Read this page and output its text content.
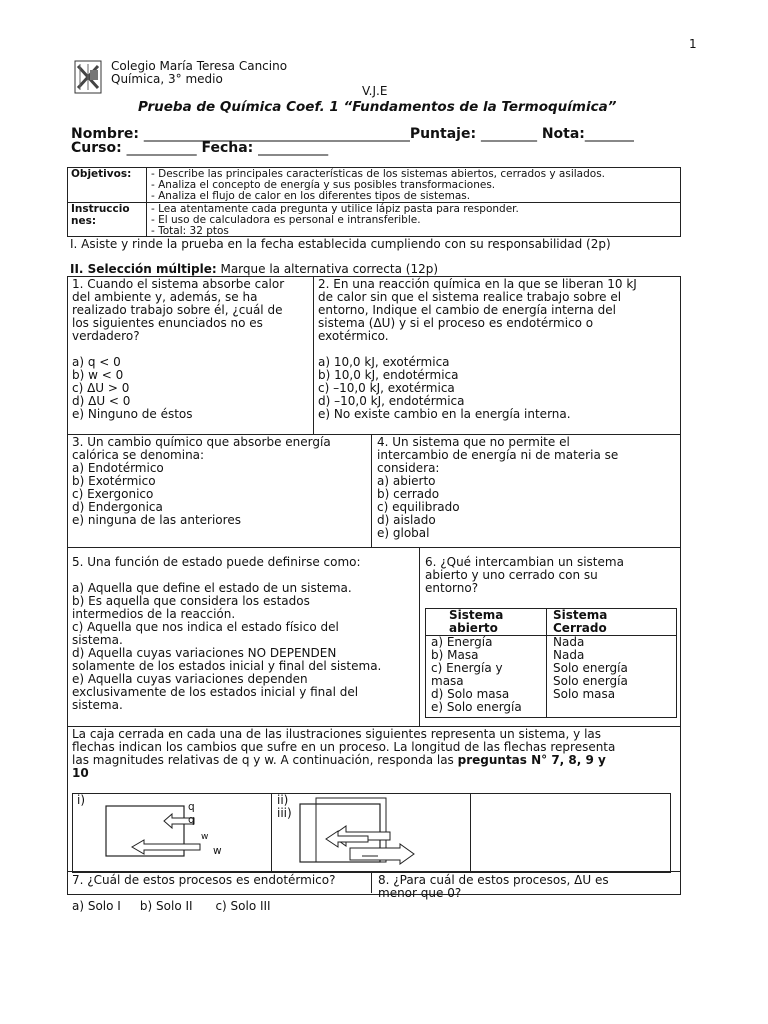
1
Colegio María Teresa Cancino
Química, 3° medio
V.J.E
Prueba de Química Coef. 1 “Fundamentos de la Termoquímica”
Nombre: ______________________________________Puntaje: ________ Nota:_______
Curso: __________ Fecha: __________
Objetivos: - Describe las principales características de los sistemas abiertos, cerrados y asilados.
- Analiza el concepto de energía y sus posibles transformaciones.
- Analiza el flujo de calor en los diferentes tipos de sistemas.
Instruccio
nes:
- Lea atentamente cada pregunta y utilice lápiz pasta para responder.
- El uso de calculadora es personal e intransferible.
- Total: 32 ptos
I. Asiste y rinde la prueba en la fecha establecida cumpliendo con su responsabilidad (2p)
II. Selección múltiple: Marque la alternativa correcta (12p)
1. Cuando el sistema absorbe calor
del ambiente y, además, se ha
realizado trabajo sobre él, ¿cuál de
los siguientes enunciados no es
verdadero?
a) q < 0
b) w < 0
c) ΔU > 0
d) ΔU < 0
e) Ninguno de éstos
2. En una reacción química en la que se liberan 10 kJ
de calor sin que el sistema realice trabajo sobre el
entorno, Indique el cambio de energía interna del
sistema (ΔU) y si el proceso es endotérmico o
exotérmico.
a) 10,0 kJ, exotérmica
b) 10,0 kJ, endotérmica
c) –10,0 kJ, exotérmica
d) –10,0 kJ, endotérmica
e) No existe cambio en la energía interna.
3. Un cambio químico que absorbe energía
calórica se denomina:
a) Endotérmico
b) Exotérmico
c) Exergonico
d) Endergonica
e) ninguna de las anteriores
4. Un sistema que no permite el
intercambio de energía ni de materia se
considera:
a) abierto
b) cerrado
c) equilibrado
d) aislado
e) global
5. Una función de estado puede definirse como:
a) Aquella que define el estado de un sistema.
b) Es aquella que considera los estados
intermedios de la reacción.
c) Aquella que nos indica el estado físico del
sistema.
d) Aquella cuyas variaciones NO DEPENDEN
solamente de los estados inicial y final del sistema.
e) Aquella cuyas variaciones dependen
exclusivamente de los estados inicial y final del
sistema.
6. ¿Qué intercambian un sistema
abierto y uno cerrado con su
entorno?
Sistema
abierto
Sistema
Cerrado
a) Energía
b) Masa
c) Energía y
masa
d) Solo masa
e) Solo energía
Nada
Nada
Solo energía
Solo energía
Solo masa
La caja cerrada en cada una de las ilustraciones siguientes representa un sistema, y las
flechas indican los cambios que sufre en un proceso. La longitud de las flechas representa
las magnitudes relativas de q y w. A continuación, responda las preguntas N° 7, 8, 9 y
10
i)	ii)
iii)
q
q
w
w
7. ¿Cuál de estos procesos es endotérmico?
a) Solo I     b) Solo II      c) Solo III
8. ¿Para cuál de estos procesos, ΔU es
menor que 0?
